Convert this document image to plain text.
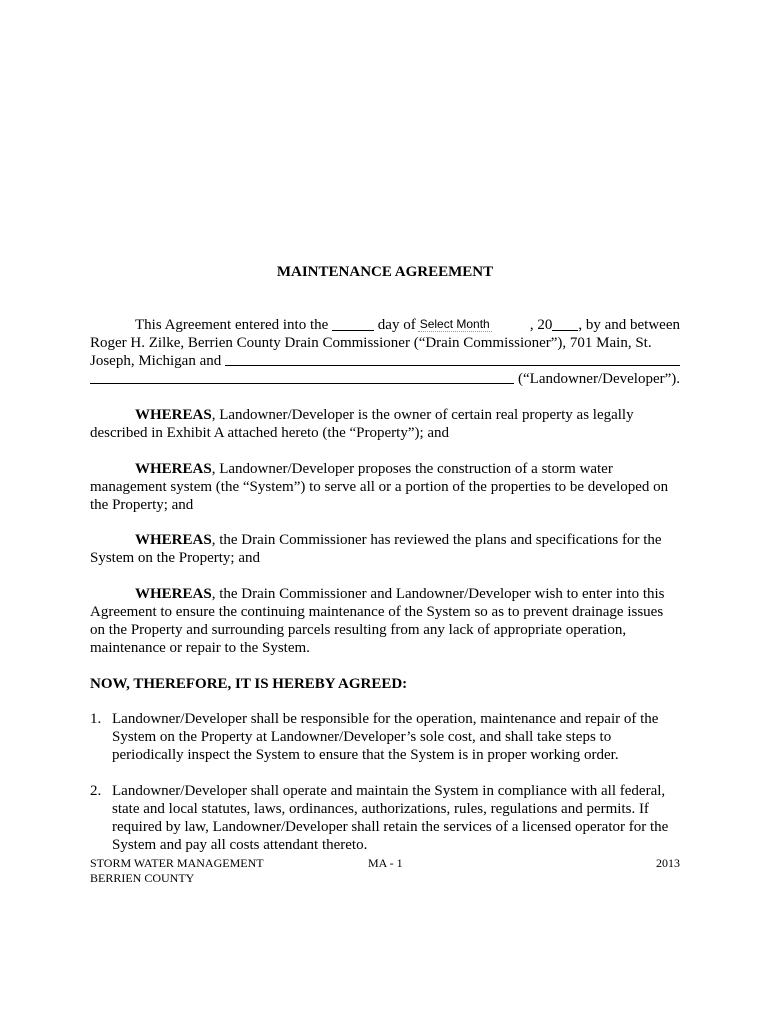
MAINTENANCE AGREEMENT
This Agreement entered into the	day of Select Month	, 20 , by and between
Roger H. Zilke, Berrien County Drain Commissioner (“Drain Commissioner”), 701 Main, St.
Joseph, Michigan and
(“Landowner/Developer”).
WHEREAS, Landowner/Developer is the owner of certain real property as legally
described in Exhibit A attached hereto (the “Property”); and
WHEREAS, Landowner/Developer proposes the construction of a storm water
management system (the “System”) to serve all or a portion of the properties to be developed on
the Property; and
WHEREAS, the Drain Commissioner has reviewed the plans and specifications for the
System on the Property; and
WHEREAS, the Drain Commissioner and Landowner/Developer wish to enter into this
Agreement to ensure the continuing maintenance of the System so as to prevent drainage issues
on the Property and surrounding parcels resulting from any lack of appropriate operation,
maintenance or repair to the System.
NOW, THEREFORE, IT IS HEREBY AGREED:
1. Landowner/Developer shall be responsible for the operation, maintenance and repair of the
System on the Property at Landowner/Developer’s sole cost, and shall take steps to
periodically inspect the System to ensure that the System is in proper working order.
2. Landowner/Developer shall operate and maintain the System in compliance with all federal,
state and local statutes, laws, ordinances, authorizations, rules, regulations and permits. If
required by law, Landowner/Developer shall retain the services of a licensed operator for the
System and pay all costs attendant thereto.
STORM WATER MANAGEMENT	MA - 1	2013
BERRIEN COUNTY
